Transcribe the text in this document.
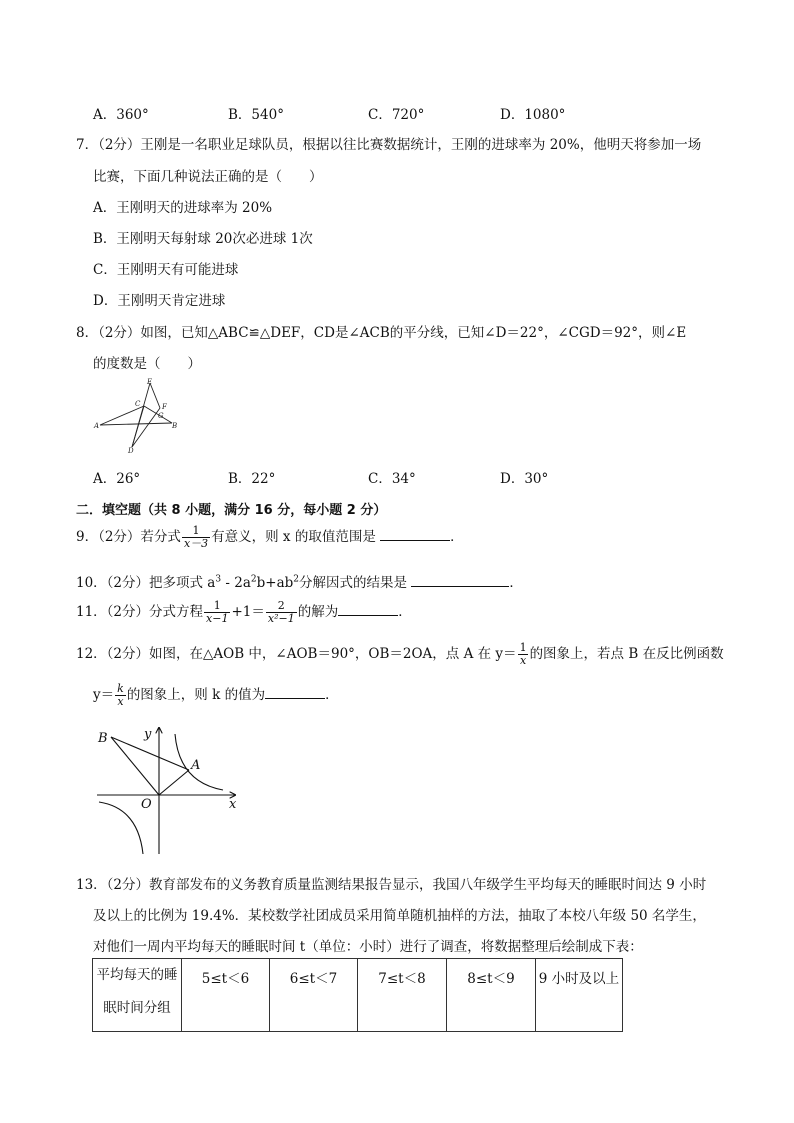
A．360°	B．540°	C．720°	D．1080°
7．（2分）王刚是一名职业足球队员，根据以往比赛数据统计，王刚的进球率为 20%，他明天将参加一场
比赛，下面几种说法正确的是（　　）
A．王刚明天的进球率为 20%
B．王刚明天每射球 20次必进球 1次
C．王刚明天有可能进球
D．王刚明天肯定进球
8．（2分）如图，已知△ABC≌△DEF，CD是∠ACB的平分线，已知∠D＝22°，∠CGD＝92°，则∠E
的度数是（　　）
E
C	F
A
G
B
D
A．26°	B．22°	C．34°	D．30°
二．填空题（共 8 小题，满分 16 分，每小题 2 分）
9．（2分）若分式 $\frac{1}{x-3}$ 有意义，则 x 的取值范围是	．
10．（2分）把多项式 $a^3 - 2a^2b+ab^2$分解因式的结果是	．
11．（2分）分式方程 $\frac{1}{x-1} +1= \frac{2}{\text{x²−1}}$ 的解为	．
12．（2分）如图，在△AOB 中，∠AOB＝90°，OB＝2OA，点 A 在 $y= \frac{1}{x}$ 的图象上，若点 B 在反比例函数
$y= \frac{k}{x}$ 的图象上，则 k 的值为	．
B	y
A
O	x
13．（2分）教育部发布的义务教育质量监测结果报告显示，我国八年级学生平均每天的睡眠时间达 9 小时
及以上的比例为 19.4%．某校数学社团成员采用简单随机抽样的方法，抽取了本校八年级 50 名学生，
对他们一周内平均每天的睡眠时间 t（单位：小时）进行了调查，将数据整理后绘制成下表：
平均每天的睡
眠时间分组
	5≤t＜6	6≤t＜7	7≤t＜8	8≤t＜9	9 小时及以上
